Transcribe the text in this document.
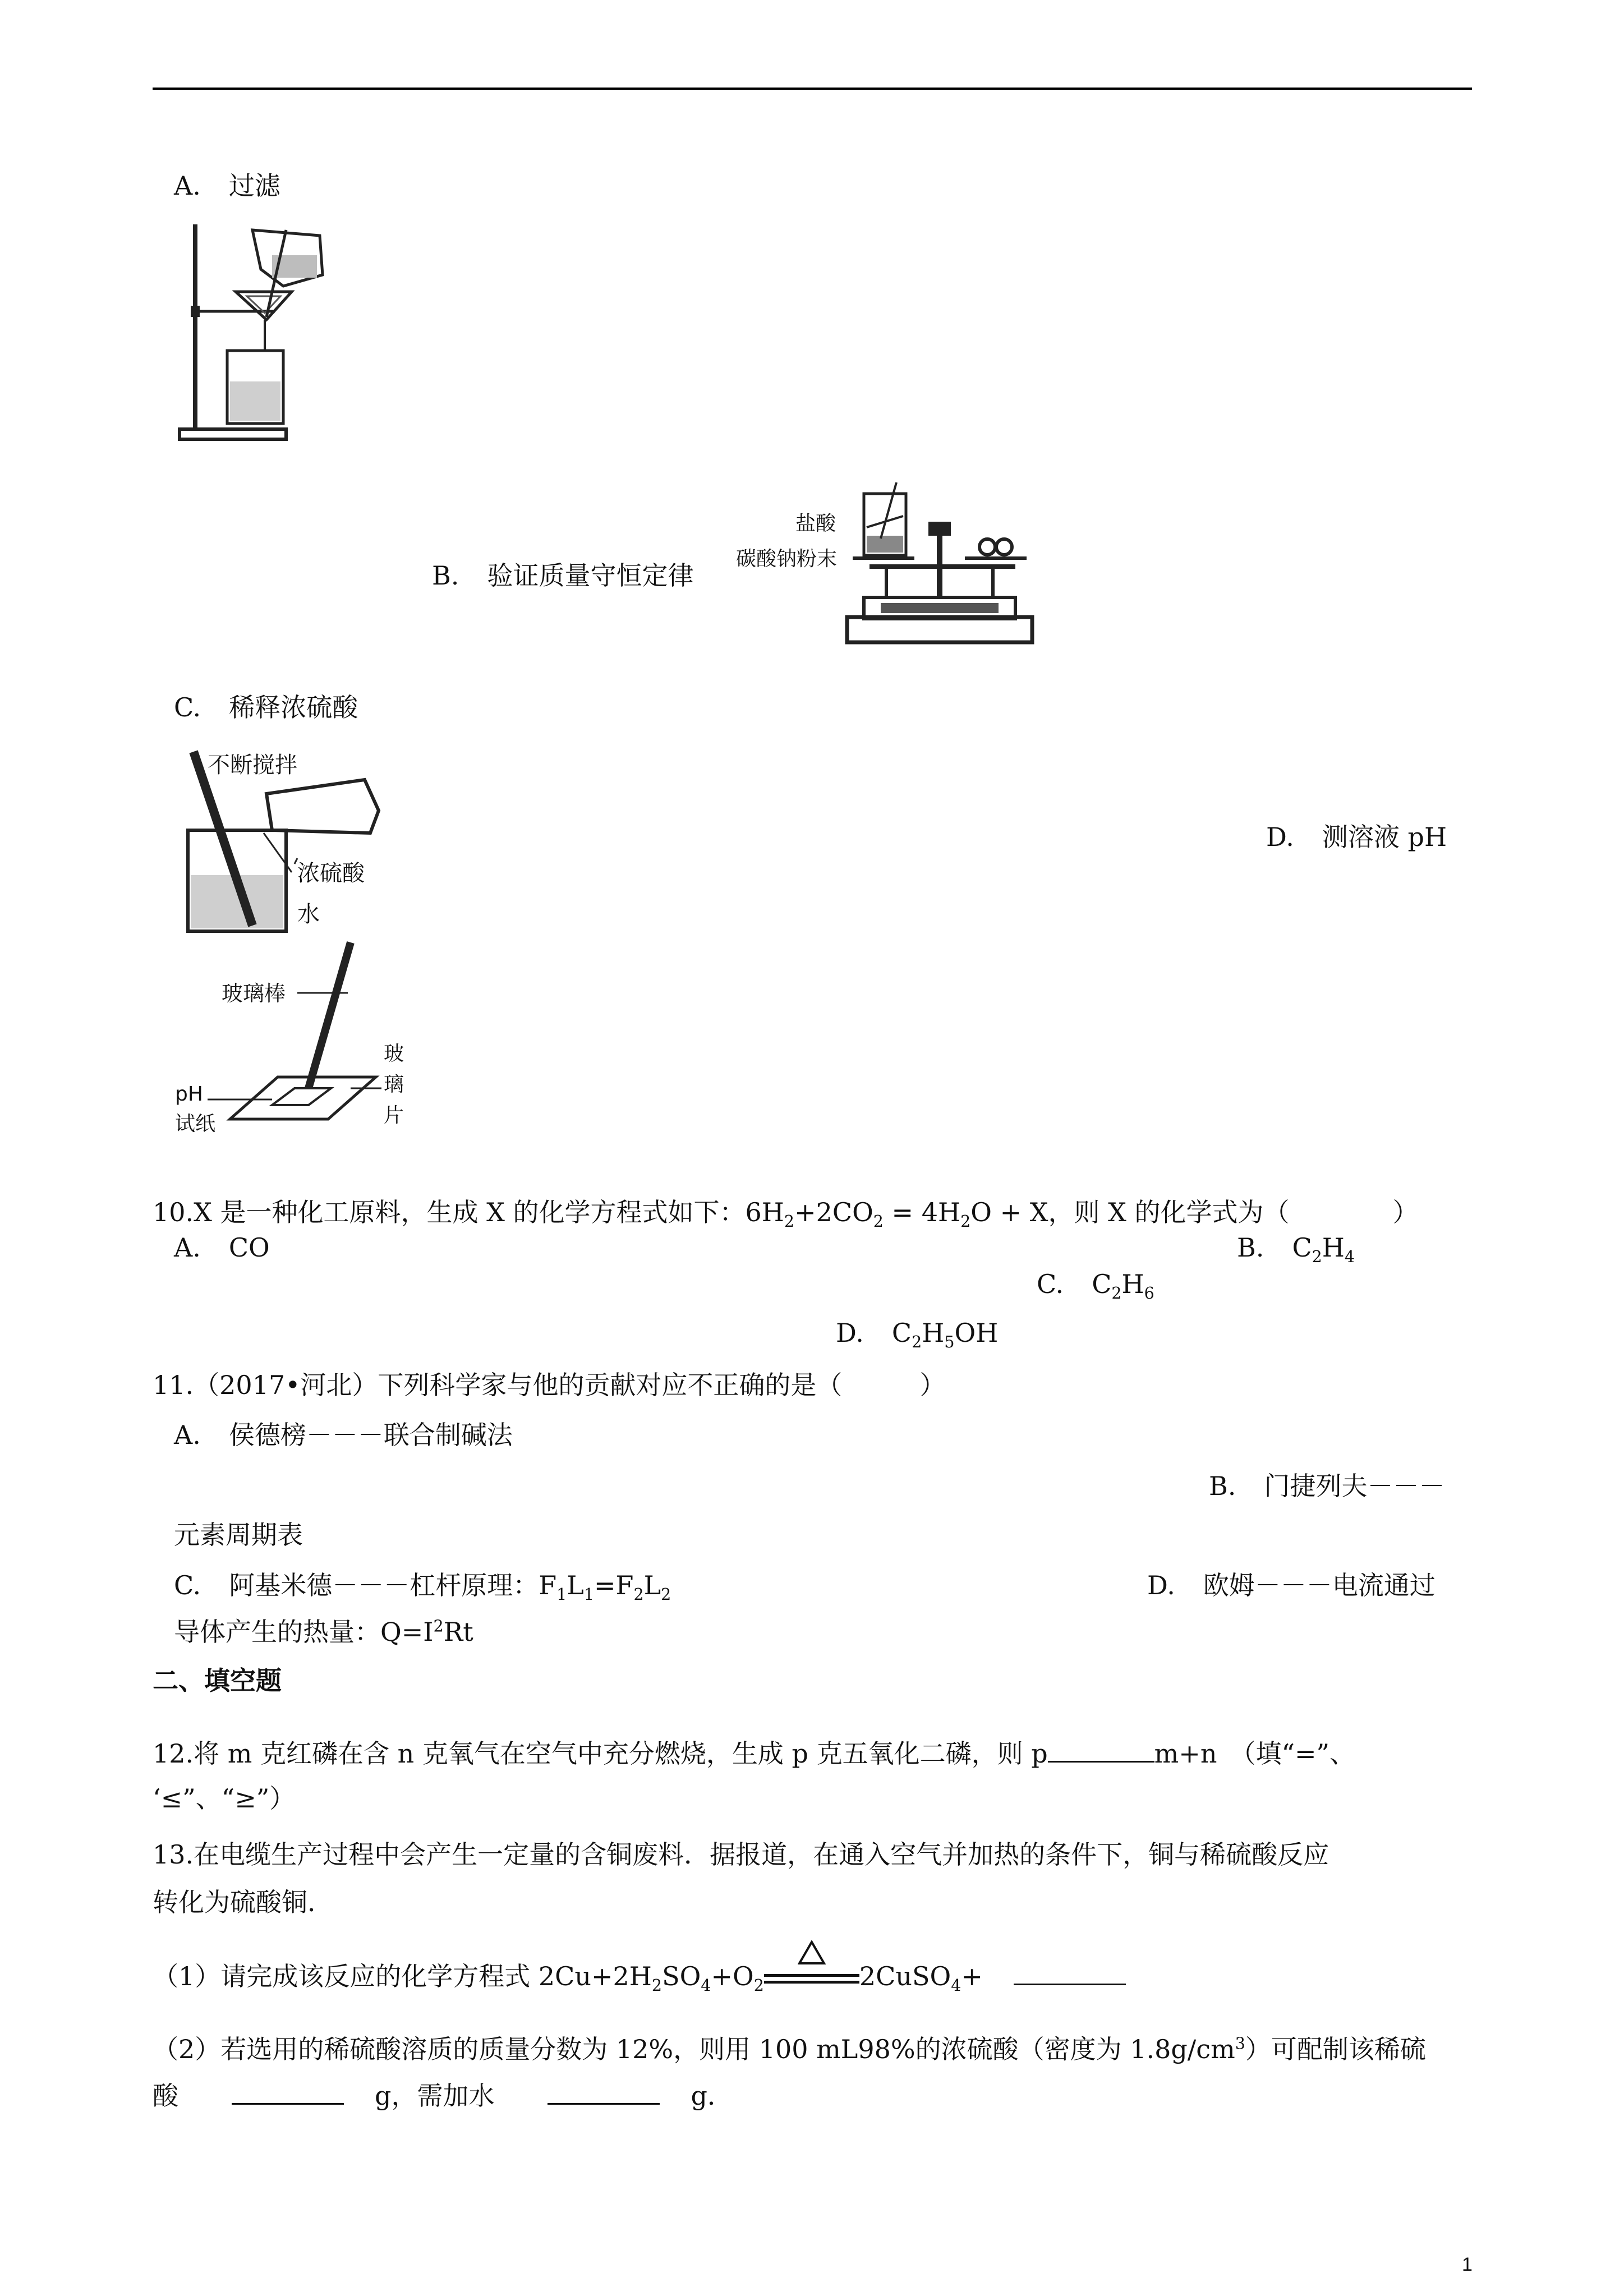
A. 过滤
B. 验证质量守恒定律
盐酸
碳酸钠粉末
C. 稀释浓硫酸
不断搅拌
浓硫酸
水
D. 测溶液 pH
玻璃棒
pH
试纸
玻
璃
片
10.X 是一种化工原料，生成 X 的化学方程式如下：$6H_2+2CO_2 = 4H_2O + X$，则 X 的化学式为（　　　　）
A. CO	B. $C_2H_4$
C. $C_2H_6$
D. $C_2H_5OH$
11.（2017•河北）下列科学家与他的贡献对应不正确的是（　　　）
A. 侯德榜－－－联合制碱法
B. 门捷列夫－－－
元素周期表
C. 阿基米德－－－杠杆原理：$F_1L_1=F_2L_2$	D. 欧姆－－－电流通过
导体产生的热量：$Q=I^2Rt$
二、填空题
12.将 m 克红磷在含 n 克氧气在空气中充分燃烧，生成 p 克五氧化二磷，则 p	m+n　（填“=”、
‘≤”、“≥”）
13.在电缆生产过程中会产生一定量的含铜废料．据报道，在通入空气并加热的条件下，铜与稀硫酸反应
转化为硫酸铜．
（1）请完成该反应的化学方程式 $2Cu+2H_2SO_4+O_2$	2CuSO$_4$+
（2）若选用的稀硫酸溶质的质量分数为 12%，则用 100 mL98%的浓硫酸（密度为 $1.8g/cm^3$）可配制该稀硫
酸	g，需加水	g．
1
